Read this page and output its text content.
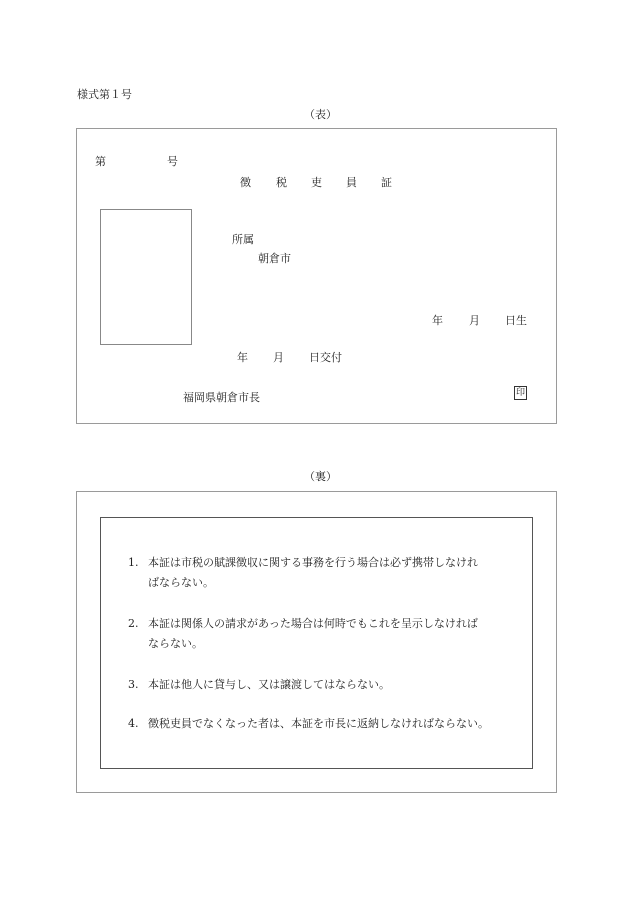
様式第１号
（表）
第	号
徴 税 吏 員 証
所属
朝倉市
年 月 日生
年 月 日交付
福岡県朝倉市長	印
（裏）
1. 本証は市税の賦課徴収に関する事務を行う場合は必ず携帯しなけれ
ばならない。
2. 本証は関係人の請求があった場合は何時でもこれを呈示しなければ
ならない。
3. 本証は他人に貸与し、又は譲渡してはならない。
4. 徴税吏員でなくなった者は、本証を市長に返納しなければならない。
